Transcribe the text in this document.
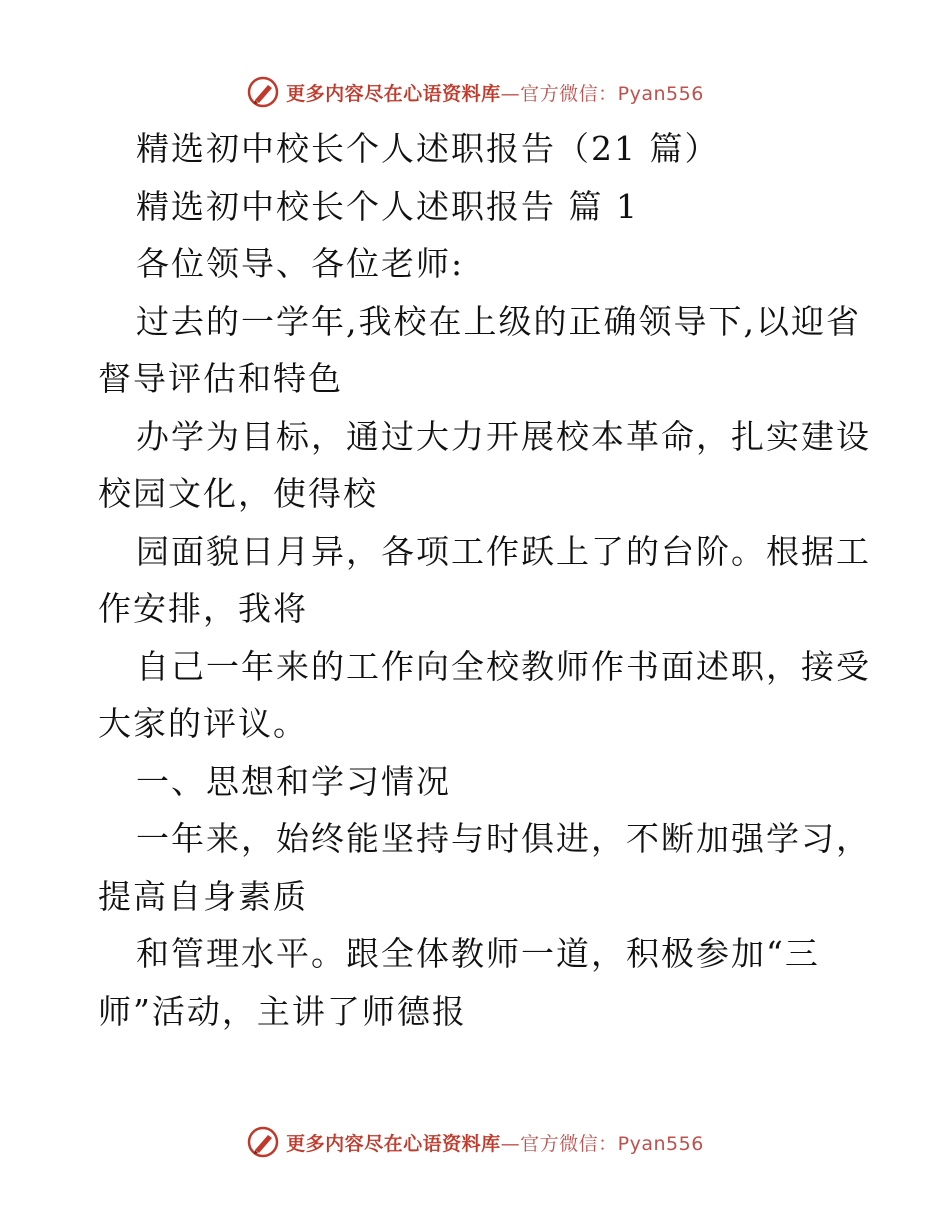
更多内容尽在心语资料库—官方微信：Pyan556
精选初中校长个人述职报告（21 篇）
精选初中校长个人述职报告 篇 1
各位领导、各位老师:
过去的一学年,我校在上级的正确领导下,以迎省
督导评估和特色
办学为目标，通过大力开展校本革命，扎实建设
校园文化，使得校
园面貌日月异，各项工作跃上了的台阶。根据工
作安排，我将
自己一年来的工作向全校教师作书面述职，接受
大家的评议。
一、思想和学习情况
一年来，始终能坚持与时俱进，不断加强学习，
提高自身素质
和管理水平。跟全体教师一道，积极参加“三
师”活动，主讲了师德报
更多内容尽在心语资料库—官方微信：Pyan556
